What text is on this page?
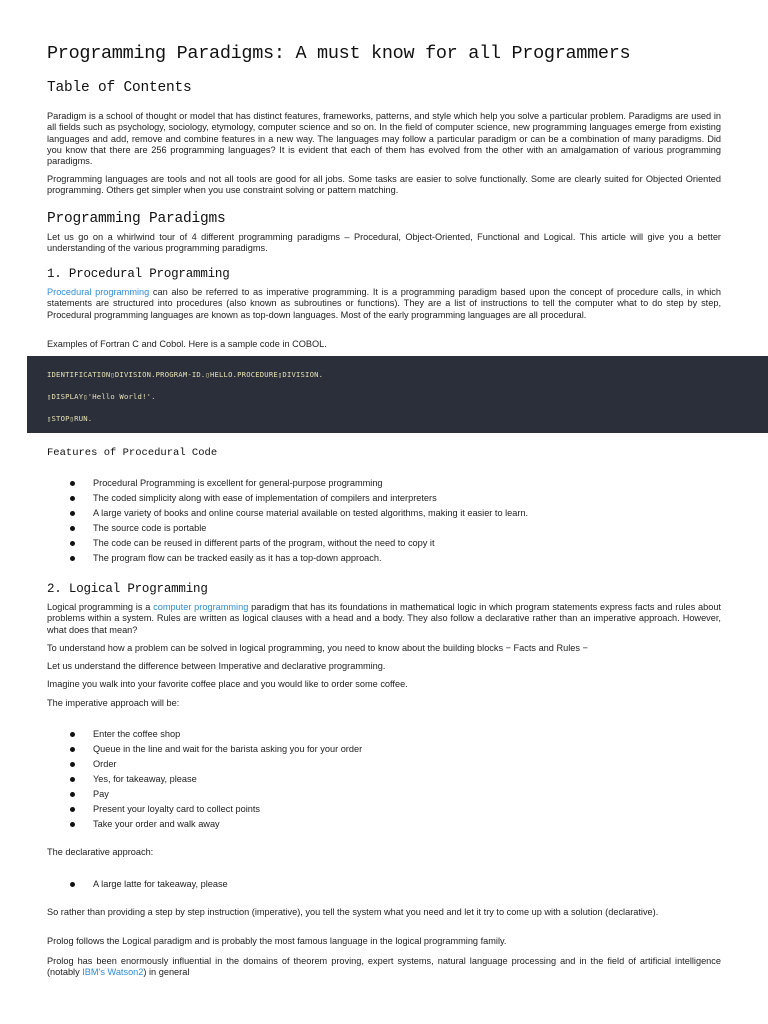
Programming Paradigms: A must know for all Programmers
Table of Contents

Paradigm is a school of thought or model that has distinct features, frameworks, patterns, and style which help you solve a particular problem. Paradigms are used in all fields such as psychology, sociology, etymology, computer science and so on. In the field of computer science, new programming languages emerge from existing languages and add, remove and combine features in a new way. The languages may follow a particular paradigm or can be a combination of many paradigms. Did you know that there are 256 programming languages? It is evident that each of them has evolved from the other with an amalgamation of various programming paradigms.

Programming languages are tools and not all tools are good for all jobs. Some tasks are easier to solve functionally. Some are clearly suited for Objected Oriented programming. Others get simpler when you use constraint solving or pattern matching.

Programming Paradigms

Let us go on a whirlwind tour of 4 different programming paradigms – Procedural, Object-Oriented, Functional and Logical. This article will give you a better understanding of the various programming paradigms.

1. Procedural Programming

Procedural programming can also be referred to as imperative programming. It is a programming paradigm based upon the concept of procedure calls, in which statements are structured into procedures (also known as subroutines or functions). They are a list of instructions to tell the computer what to do step by step, Procedural programming languages are known as top-down languages. Most of the early programming languages are all procedural.

Examples of Fortran C and Cobol. Here is a sample code in COBOL.

IDENTIFICATION▯DIVISION.PROGRAM-ID.▯HELLO.PROCEDURE▯DIVISION.
▯DISPLAY▯'Hello World!'.
▯STOP▯RUN.
Features of Procedural Code
Procedural Programming is excellent for general-purpose programming
The coded simplicity along with ease of implementation of compilers and interpreters
A large variety of books and online course material available on tested algorithms, making it easier to learn.
The source code is portable
The code can be reused in different parts of the program, without the need to copy it
The program flow can be tracked easily as it has a top-down approach.
2. Logical Programming

Logical programming is a computer programming paradigm that has its foundations in mathematical logic in which program statements express facts and rules about problems within a system. Rules are written as logical clauses with a head and a body. They also follow a declarative rather than an imperative approach. However, what does that mean?

To understand how a problem can be solved in logical programming, you need to know about the building blocks − Facts and Rules −

Let us understand the difference between Imperative and declarative programming.

Imagine you walk into your favorite coffee place and you would like to order some coffee.

The imperative approach will be:

Enter the coffee shop
Queue in the line and wait for the barista asking you for your order
Order
Yes, for takeaway, please
Pay
Present your loyalty card to collect points
Take your order and walk away

The declarative approach:

A large latte for takeaway, please

So rather than providing a step by step instruction (imperative), you tell the system what you need and let it try to come up with a solution (declarative).

Prolog follows the Logical paradigm and is probably the most famous language in the logical programming family.

Prolog has been enormously influential in the domains of theorem proving, expert systems, natural language processing and in the field of artificial intelligence (notably IBM's Watson2) in general
